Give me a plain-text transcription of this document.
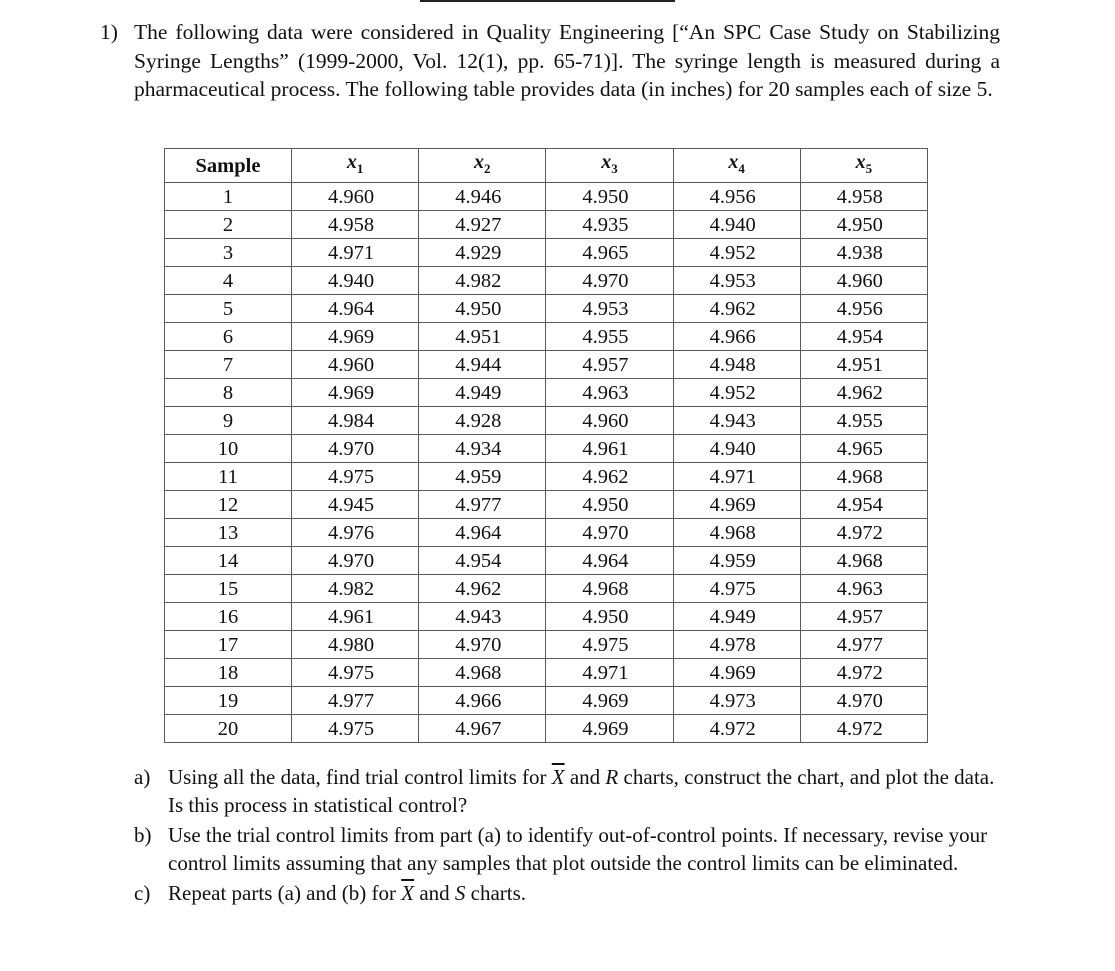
1) The following data were considered in Quality Engineering [“An SPC Case Study on Stabilizing Syringe Lengths” (1999-2000, Vol. 12(1), pp. 65-71)]. The syringe length is measured during a pharmaceutical process. The following table provides data (in inches) for 20 samples each of size 5.
Sample	$x_1$	$x_2$	$x_3$	$x_4$	$x_5$
1	4.960	4.946	4.950	4.956	4.958
2	4.958	4.927	4.935	4.940	4.950
3	4.971	4.929	4.965	4.952	4.938
4	4.940	4.982	4.970	4.953	4.960
5	4.964	4.950	4.953	4.962	4.956
6	4.969	4.951	4.955	4.966	4.954
7	4.960	4.944	4.957	4.948	4.951
8	4.969	4.949	4.963	4.952	4.962
9	4.984	4.928	4.960	4.943	4.955
10	4.970	4.934	4.961	4.940	4.965
11	4.975	4.959	4.962	4.971	4.968
12	4.945	4.977	4.950	4.969	4.954
13	4.976	4.964	4.970	4.968	4.972
14	4.970	4.954	4.964	4.959	4.968
15	4.982	4.962	4.968	4.975	4.963
16	4.961	4.943	4.950	4.949	4.957
17	4.980	4.970	4.975	4.978	4.977
18	4.975	4.968	4.971	4.969	4.972
19	4.977	4.966	4.969	4.973	4.970
20	4.975	4.967	4.969	4.972	4.972
a) Using all the data, find trial control limits for $\overline{X}$ and R charts, construct the chart, and plot the data. Is this process in statistical control?
b) Use the trial control limits from part (a) to identify out-of-control points. If necessary, revise your control limits assuming that any samples that plot outside the control limits can be eliminated.
c) Repeat parts (a) and (b) for $\overline{X}$ and S charts.
